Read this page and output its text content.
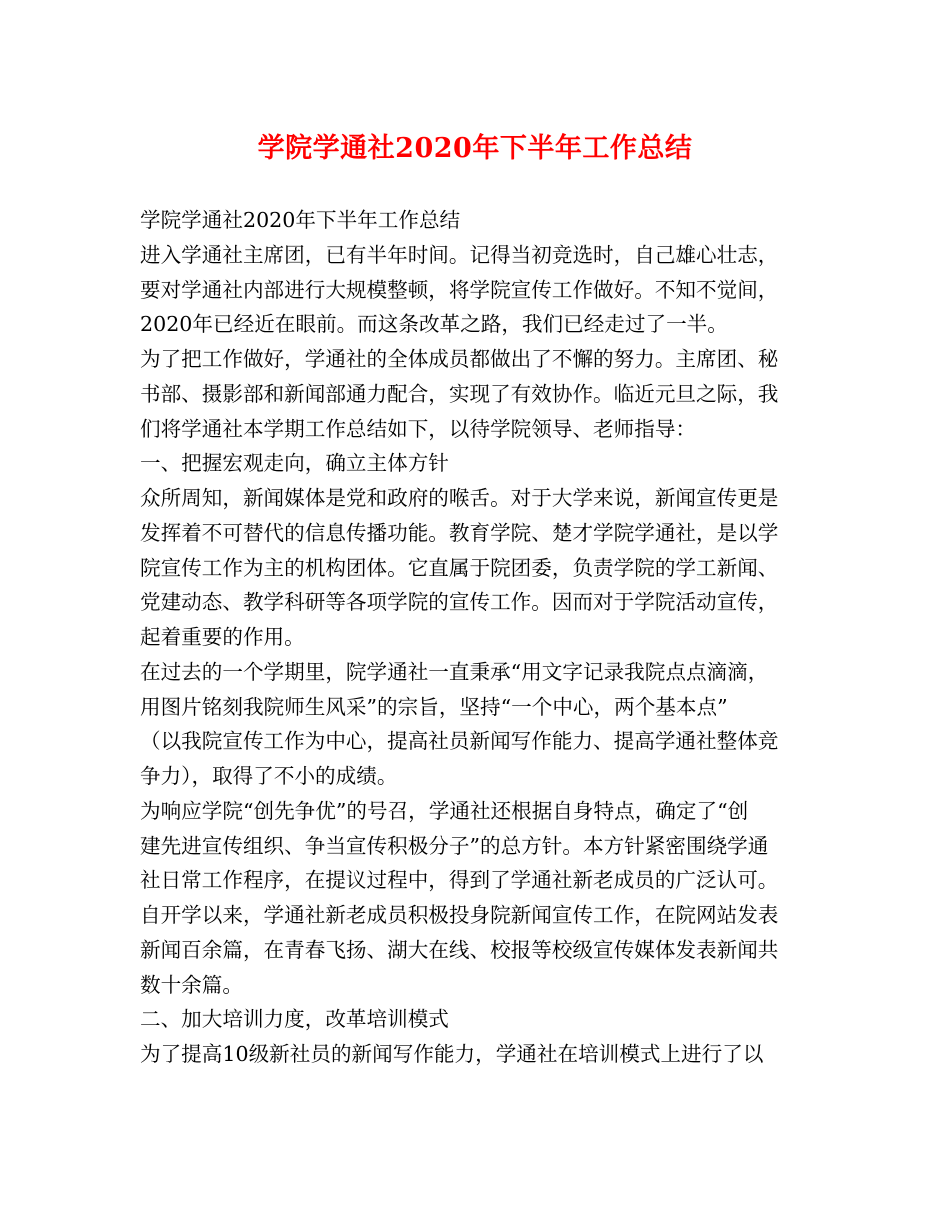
学院学通社2020年下半年工作总结
学院学通社2020年下半年工作总结
进入学通社主席团，已有半年时间。记得当初竞选时，自己雄心壮志，
要对学通社内部进行大规模整顿，将学院宣传工作做好。不知不觉间，
2020年已经近在眼前。而这条改革之路，我们已经走过了一半。
为了把工作做好，学通社的全体成员都做出了不懈的努力。主席团、秘
书部、摄影部和新闻部通力配合，实现了有效协作。临近元旦之际，我
们将学通社本学期工作总结如下，以待学院领导、老师指导：
一、把握宏观走向，确立主体方针
众所周知，新闻媒体是党和政府的喉舌。对于大学来说，新闻宣传更是
发挥着不可替代的信息传播功能。教育学院、楚才学院学通社，是以学
院宣传工作为主的机构团体。它直属于院团委，负责学院的学工新闻、
党建动态、教学科研等各项学院的宣传工作。因而对于学院活动宣传，
起着重要的作用。
在过去的一个学期里，院学通社一直秉承“用文字记录我院点点滴滴，
用图片铭刻我院师生风采”的宗旨，坚持“一个中心，两个基本点”
（以我院宣传工作为中心，提高社员新闻写作能力、提高学通社整体竞
争力），取得了不小的成绩。
为响应学院“创先争优”的号召，学通社还根据自身特点，确定了“创
建先进宣传组织、争当宣传积极分子”的总方针。本方针紧密围绕学通
社日常工作程序，在提议过程中，得到了学通社新老成员的广泛认可。
自开学以来，学通社新老成员积极投身院新闻宣传工作，在院网站发表
新闻百余篇，在青春飞扬、湖大在线、校报等校级宣传媒体发表新闻共
数十余篇。
二、加大培训力度，改革培训模式
为了提高10级新社员的新闻写作能力，学通社在培训模式上进行了以
